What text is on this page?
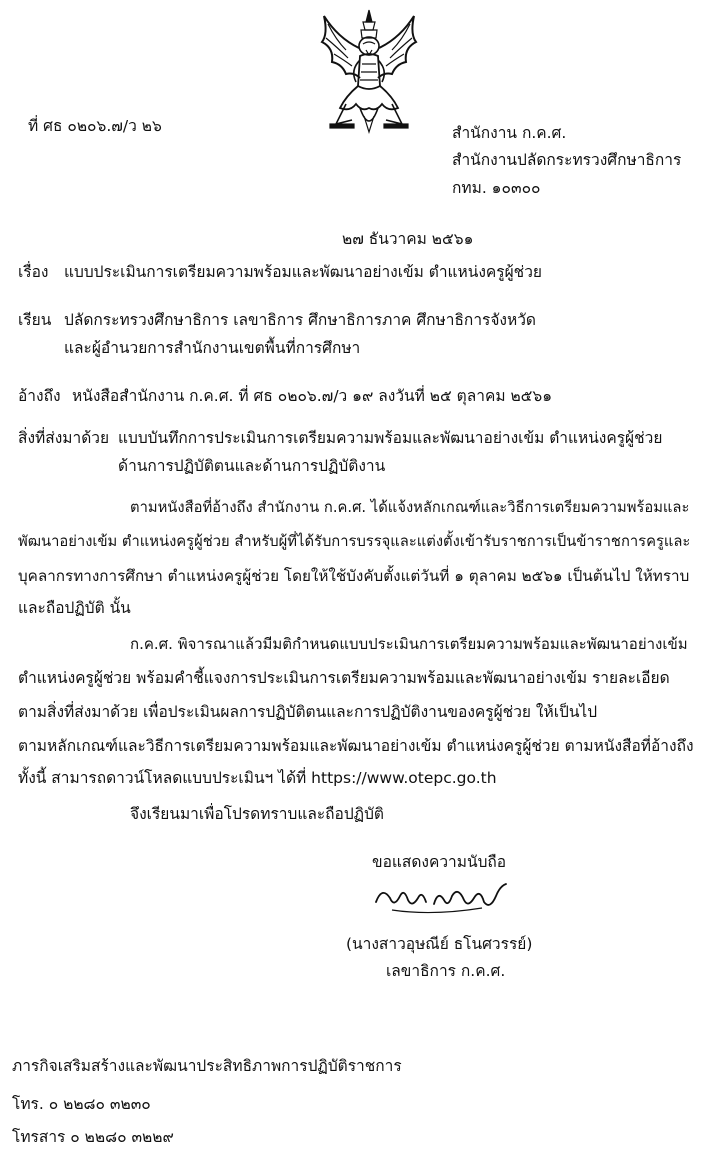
ที่ ศธ ๐๒๐๖.๗/ว ๒๖	สำนักงาน ก.ค.ศ.
สำนักงานปลัดกระทรวงศึกษาธิการ
กทม. ๑๐๓๐๐
๒๗ ธันวาคม ๒๕๖๑
เรื่อง แบบประเมินการเตรียมความพร้อมและพัฒนาอย่างเข้ม ตำแหน่งครูผู้ช่วย
เรียน ปลัดกระทรวงศึกษาธิการ เลขาธิการ ศึกษาธิการภาค ศึกษาธิการจังหวัด
และผู้อำนวยการสำนักงานเขตพื้นที่การศึกษา
อ้างถึง หนังสือสำนักงาน ก.ค.ศ. ที่ ศธ ๐๒๐๖.๗/ว ๑๙ ลงวันที่ ๒๕ ตุลาคม ๒๕๖๑
สิ่งที่ส่งมาด้วย แบบบันทึกการประเมินการเตรียมความพร้อมและพัฒนาอย่างเข้ม ตำแหน่งครูผู้ช่วย
ด้านการปฏิบัติตนและด้านการปฏิบัติงาน
ตามหนังสือที่อ้างถึง สำนักงาน ก.ค.ศ. ได้แจ้งหลักเกณฑ์และวิธีการเตรียมความพร้อมและ
พัฒนาอย่างเข้ม ตำแหน่งครูผู้ช่วย สำหรับผู้ที่ได้รับการบรรจุและแต่งตั้งเข้ารับราชการเป็นข้าราชการครูและ
บุคลากรทางการศึกษา ตำแหน่งครูผู้ช่วย โดยให้ใช้บังคับตั้งแต่วันที่ ๑ ตุลาคม ๒๕๖๑ เป็นต้นไป ให้ทราบ
และถือปฏิบัติ นั้น
ก.ค.ศ. พิจารณาแล้วมีมติกำหนดแบบประเมินการเตรียมความพร้อมและพัฒนาอย่างเข้ม
ตำแหน่งครูผู้ช่วย พร้อมคำชี้แจงการประเมินการเตรียมความพร้อมและพัฒนาอย่างเข้ม รายละเอียด
ตามสิ่งที่ส่งมาด้วย เพื่อประเมินผลการปฏิบัติตนและการปฏิบัติงานของครูผู้ช่วย ให้เป็นไป
ตามหลักเกณฑ์และวิธีการเตรียมความพร้อมและพัฒนาอย่างเข้ม ตำแหน่งครูผู้ช่วย ตามหนังสือที่อ้างถึง
ทั้งนี้ สามารถดาวน์โหลดแบบประเมินฯ ได้ที่ https://www.otepc.go.th
จึงเรียนมาเพื่อโปรดทราบและถือปฏิบัติ
ขอแสดงความนับถือ
(นางสาวอุษณีย์ ธโนศวรรย์)
เลขาธิการ ก.ค.ศ.
ภารกิจเสริมสร้างและพัฒนาประสิทธิภาพการปฏิบัติราชการ
โทร. ๐ ๒๒๘๐ ๓๒๓๐
โทรสาร ๐ ๒๒๘๐ ๓๒๒๙
